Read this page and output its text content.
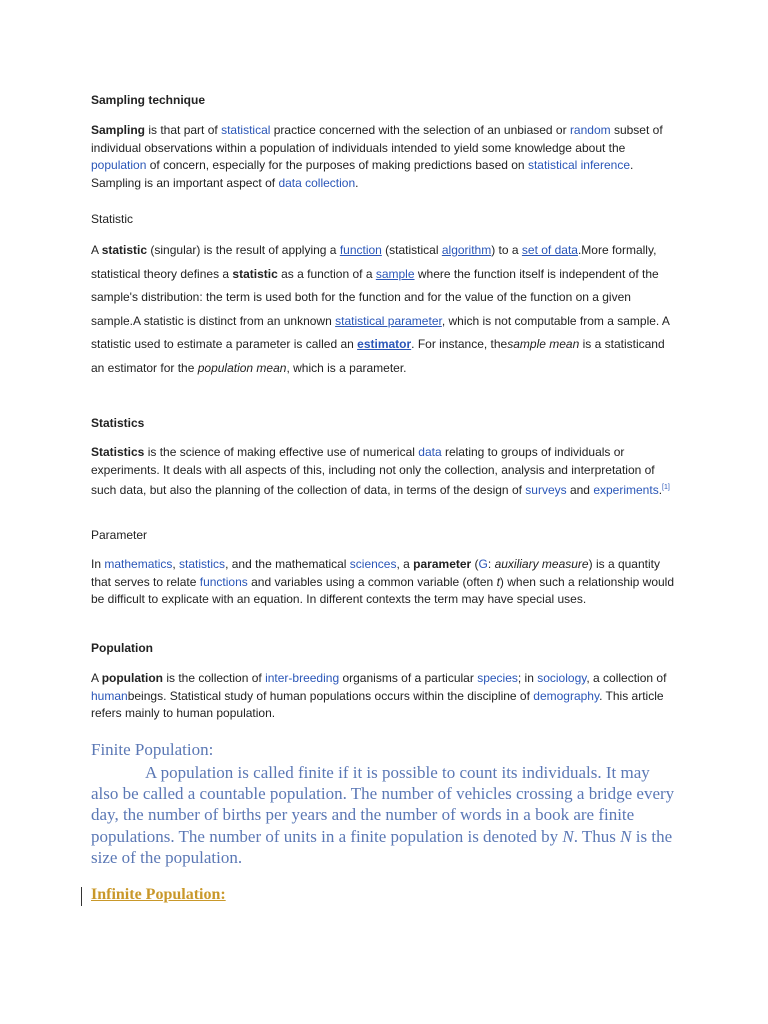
Sampling technique
Sampling is that part of statistical practice concerned with the selection of an unbiased or random subset of individual observations within a population of individuals intended to yield some knowledge about the population of concern, especially for the purposes of making predictions based on statistical inference. Sampling is an important aspect of data collection.
Statistic
A statistic (singular) is the result of applying a function (statistical algorithm) to a set of data.More formally, statistical theory defines a statistic as a function of a sample where the function itself is independent of the sample's distribution: the term is used both for the function and for the value of the function on a given sample.A statistic is distinct from an unknown statistical parameter, which is not computable from a sample. A statistic used to estimate a parameter is called an estimator. For instance, thesample mean is a statisticand an estimator for the population mean, which is a parameter.
Statistics
Statistics is the science of making effective use of numerical data relating to groups of individuals or experiments. It deals with all aspects of this, including not only the collection, analysis and interpretation of such data, but also the planning of the collection of data, in terms of the design of surveys and experiments.[1]
Parameter
In mathematics, statistics, and the mathematical sciences, a parameter (G: auxiliary measure) is a quantity that serves to relate functions and variables using a common variable (often t) when such a relationship would be difficult to explicate with an equation. In different contexts the term may have special uses.
Population
A population is the collection of inter-breeding organisms of a particular species; in sociology, a collection of humanbeings. Statistical study of human populations occurs within the discipline of demography. This article refers mainly to human population.
Finite Population:
A population is called finite if it is possible to count its individuals. It may also be called a countable population. The number of vehicles crossing a bridge every day, the number of births per years and the number of words in a book are finite populations. The number of units in a finite population is denoted by N. Thus N is the size of the population.
Infinite Population:
